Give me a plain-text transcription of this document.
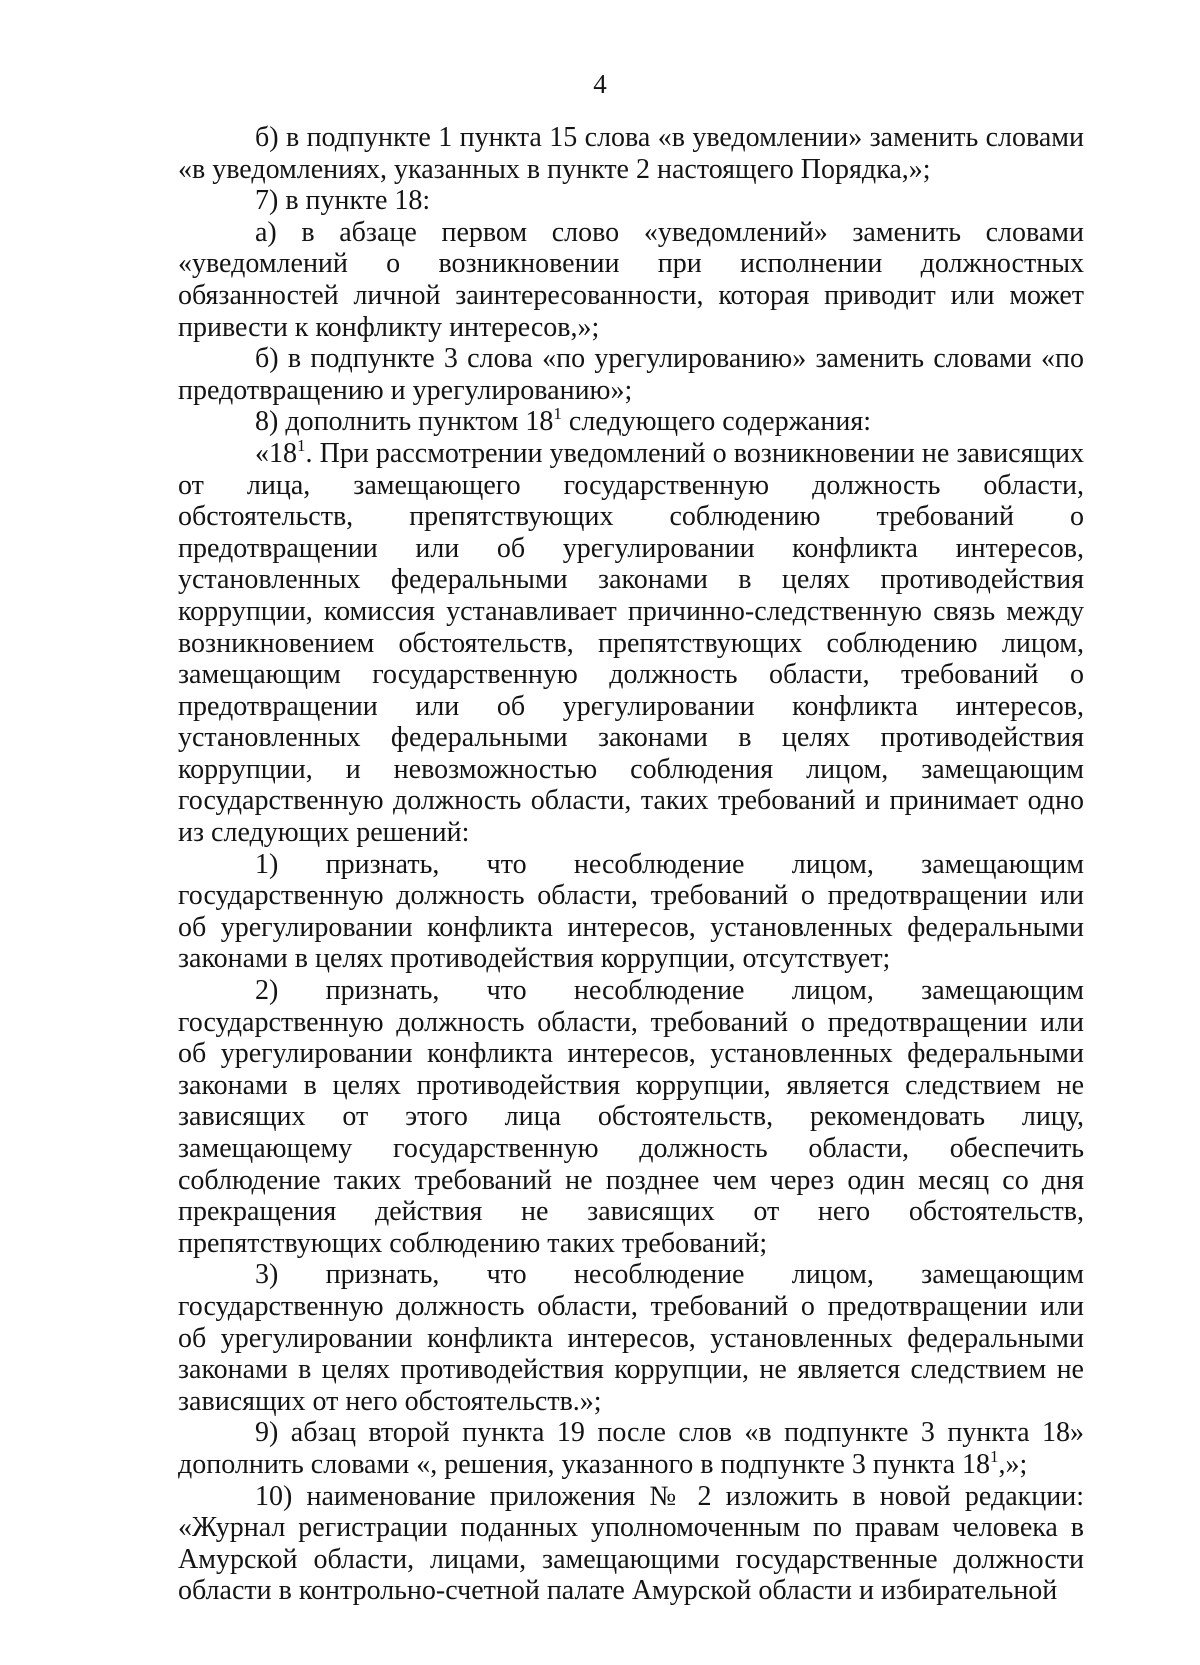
4

б) в подпункте 1 пункта 15 слова «в уведомлении» заменить словами «в уведомлениях, указанных в пункте 2 настоящего Порядка,»;

7) в пункте 18:

а) в абзаце первом слово «уведомлений» заменить словами «уведомлений о возникновении при исполнении должностных обязанностей личной заинтересованности, которая приводит или может привести к конфликту интересов,»;

б) в подпункте 3 слова «по урегулированию» заменить словами «по предотвращению и урегулированию»;

8) дополнить пунктом $18^1$ следующего содержания:

«$18^1$. При рассмотрении уведомлений о возникновении не зависящих от лица, замещающего государственную должность области, обстоятельств, препятствующих соблюдению требований о предотвращении или об урегулировании конфликта интересов, установленных федеральными законами в целях противодействия коррупции, комиссия устанавливает причинно-следственную связь между возникновением обстоятельств, препятствующих соблюдению лицом, замещающим государственную должность области, требований о предотвращении или об урегулировании конфликта интересов, установленных федеральными законами в целях противодействия коррупции, и невозможностью соблюдения лицом, замещающим государственную должность области, таких требований и принимает одно из следующих решений:

1) признать, что несоблюдение лицом, замещающим государственную должность области, требований о предотвращении или об урегулировании конфликта интересов, установленных федеральными законами в целях противодействия коррупции, отсутствует;

2) признать, что несоблюдение лицом, замещающим государственную должность области, требований о предотвращении или об урегулировании конфликта интересов, установленных федеральными законами в целях противодействия коррупции, является следствием не зависящих от этого лица обстоятельств, рекомендовать лицу, замещающему государственную должность области, обеспечить соблюдение таких требований не позднее чем через один месяц со дня прекращения действия не зависящих от него обстоятельств, препятствующих соблюдению таких требований;

3) признать, что несоблюдение лицом, замещающим государственную должность области, требований о предотвращении или об урегулировании конфликта интересов, установленных федеральными законами в целях противодействия коррупции, не является следствием не зависящих от него обстоятельств.»;

9) абзац второй пункта 19 после слов «в подпункте 3 пункта 18» дополнить словами «, решения, указанного в подпункте 3 пункта $18^1$,»;

10) наименование приложения № 2 изложить в новой редакции: «Журнал регистрации поданных уполномоченным по правам человека в Амурской области, лицами, замещающими государственные должности области в контрольно-счетной палате Амурской области и избирательной
